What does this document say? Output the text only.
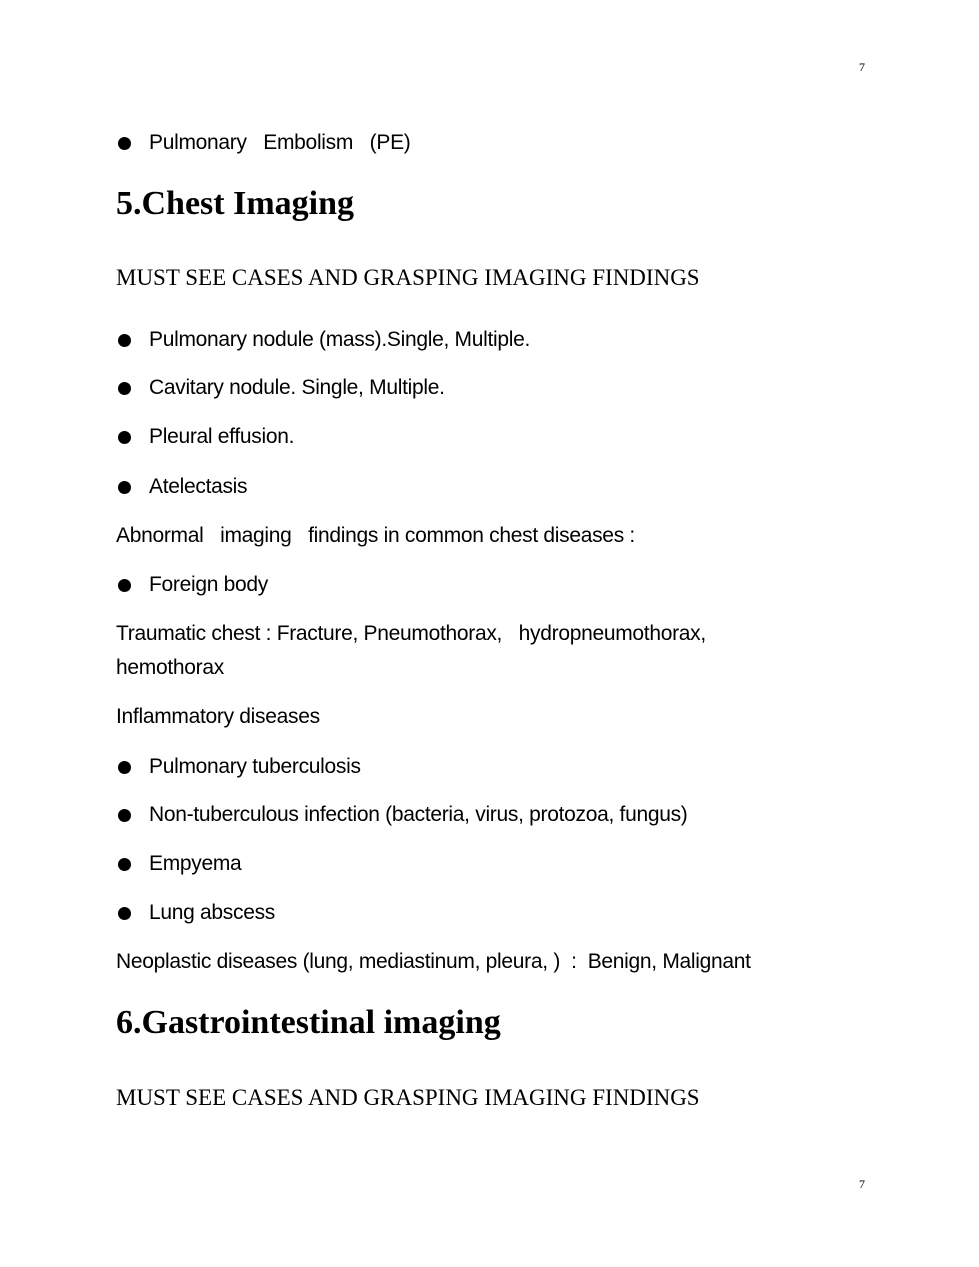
7
Pulmonary   Embolism   (PE)
5.Chest Imaging
MUST SEE CASES AND GRASPING IMAGING FINDINGS
Pulmonary nodule (mass).Single, Multiple.
Cavitary nodule. Single, Multiple.
Pleural effusion.
Atelectasis
Abnormal   imaging   findings in common chest diseases :
Foreign body
Traumatic chest : Fracture, Pneumothorax,   hydropneumothorax,
hemothorax
Inflammatory diseases
Pulmonary tuberculosis
Non-tuberculous infection (bacteria, virus, protozoa, fungus)
Empyema
Lung abscess
Neoplastic diseases (lung, mediastinum, pleura, )  :  Benign, Malignant
6.Gastrointestinal imaging
MUST SEE CASES AND GRASPING IMAGING FINDINGS
7
